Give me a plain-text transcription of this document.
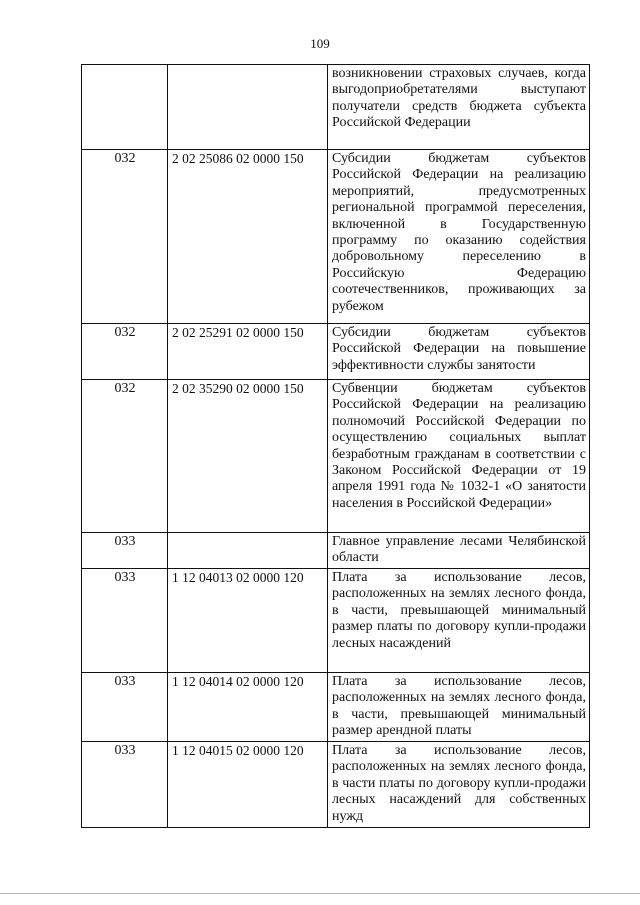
109
		возникновении страховых случаев, когда выгодоприобретателями выступают получатели средств бюджета субъекта Российской Федерации
032	2 02 25086 02 0000 150	Субсидии бюджетам субъектов Российской Федерации на реализацию мероприятий, предусмотренных региональной программой переселения, включенной в Государственную программу по оказанию содействия добровольному переселению в Российскую Федерацию соотечественников, проживающих за рубежом
032	2 02 25291 02 0000 150	Субсидии бюджетам субъектов Российской Федерации на повышение эффективности службы занятости
032	2 02 35290 02 0000 150	Субвенции бюджетам субъектов Российской Федерации на реализацию полномочий Российской Федерации по осуществлению социальных выплат безработным гражданам в соответствии с Законом Российской Федерации от 19 апреля 1991 года № 1032-1 «О занятости населения в Российской Федерации»
033		Главное управление лесами Челябинской области
033	1 12 04013 02 0000 120	Плата за использование лесов, расположенных на землях лесного фонда, в части, превышающей минимальный размер платы по договору купли-продажи лесных насаждений
033	1 12 04014 02 0000 120	Плата за использование лесов, расположенных на землях лесного фонда, в части, превышающей минимальный размер арендной платы
033	1 12 04015 02 0000 120	Плата за использование лесов, расположенных на землях лесного фонда, в части платы по договору купли-продажи лесных насаждений для собственных нужд
